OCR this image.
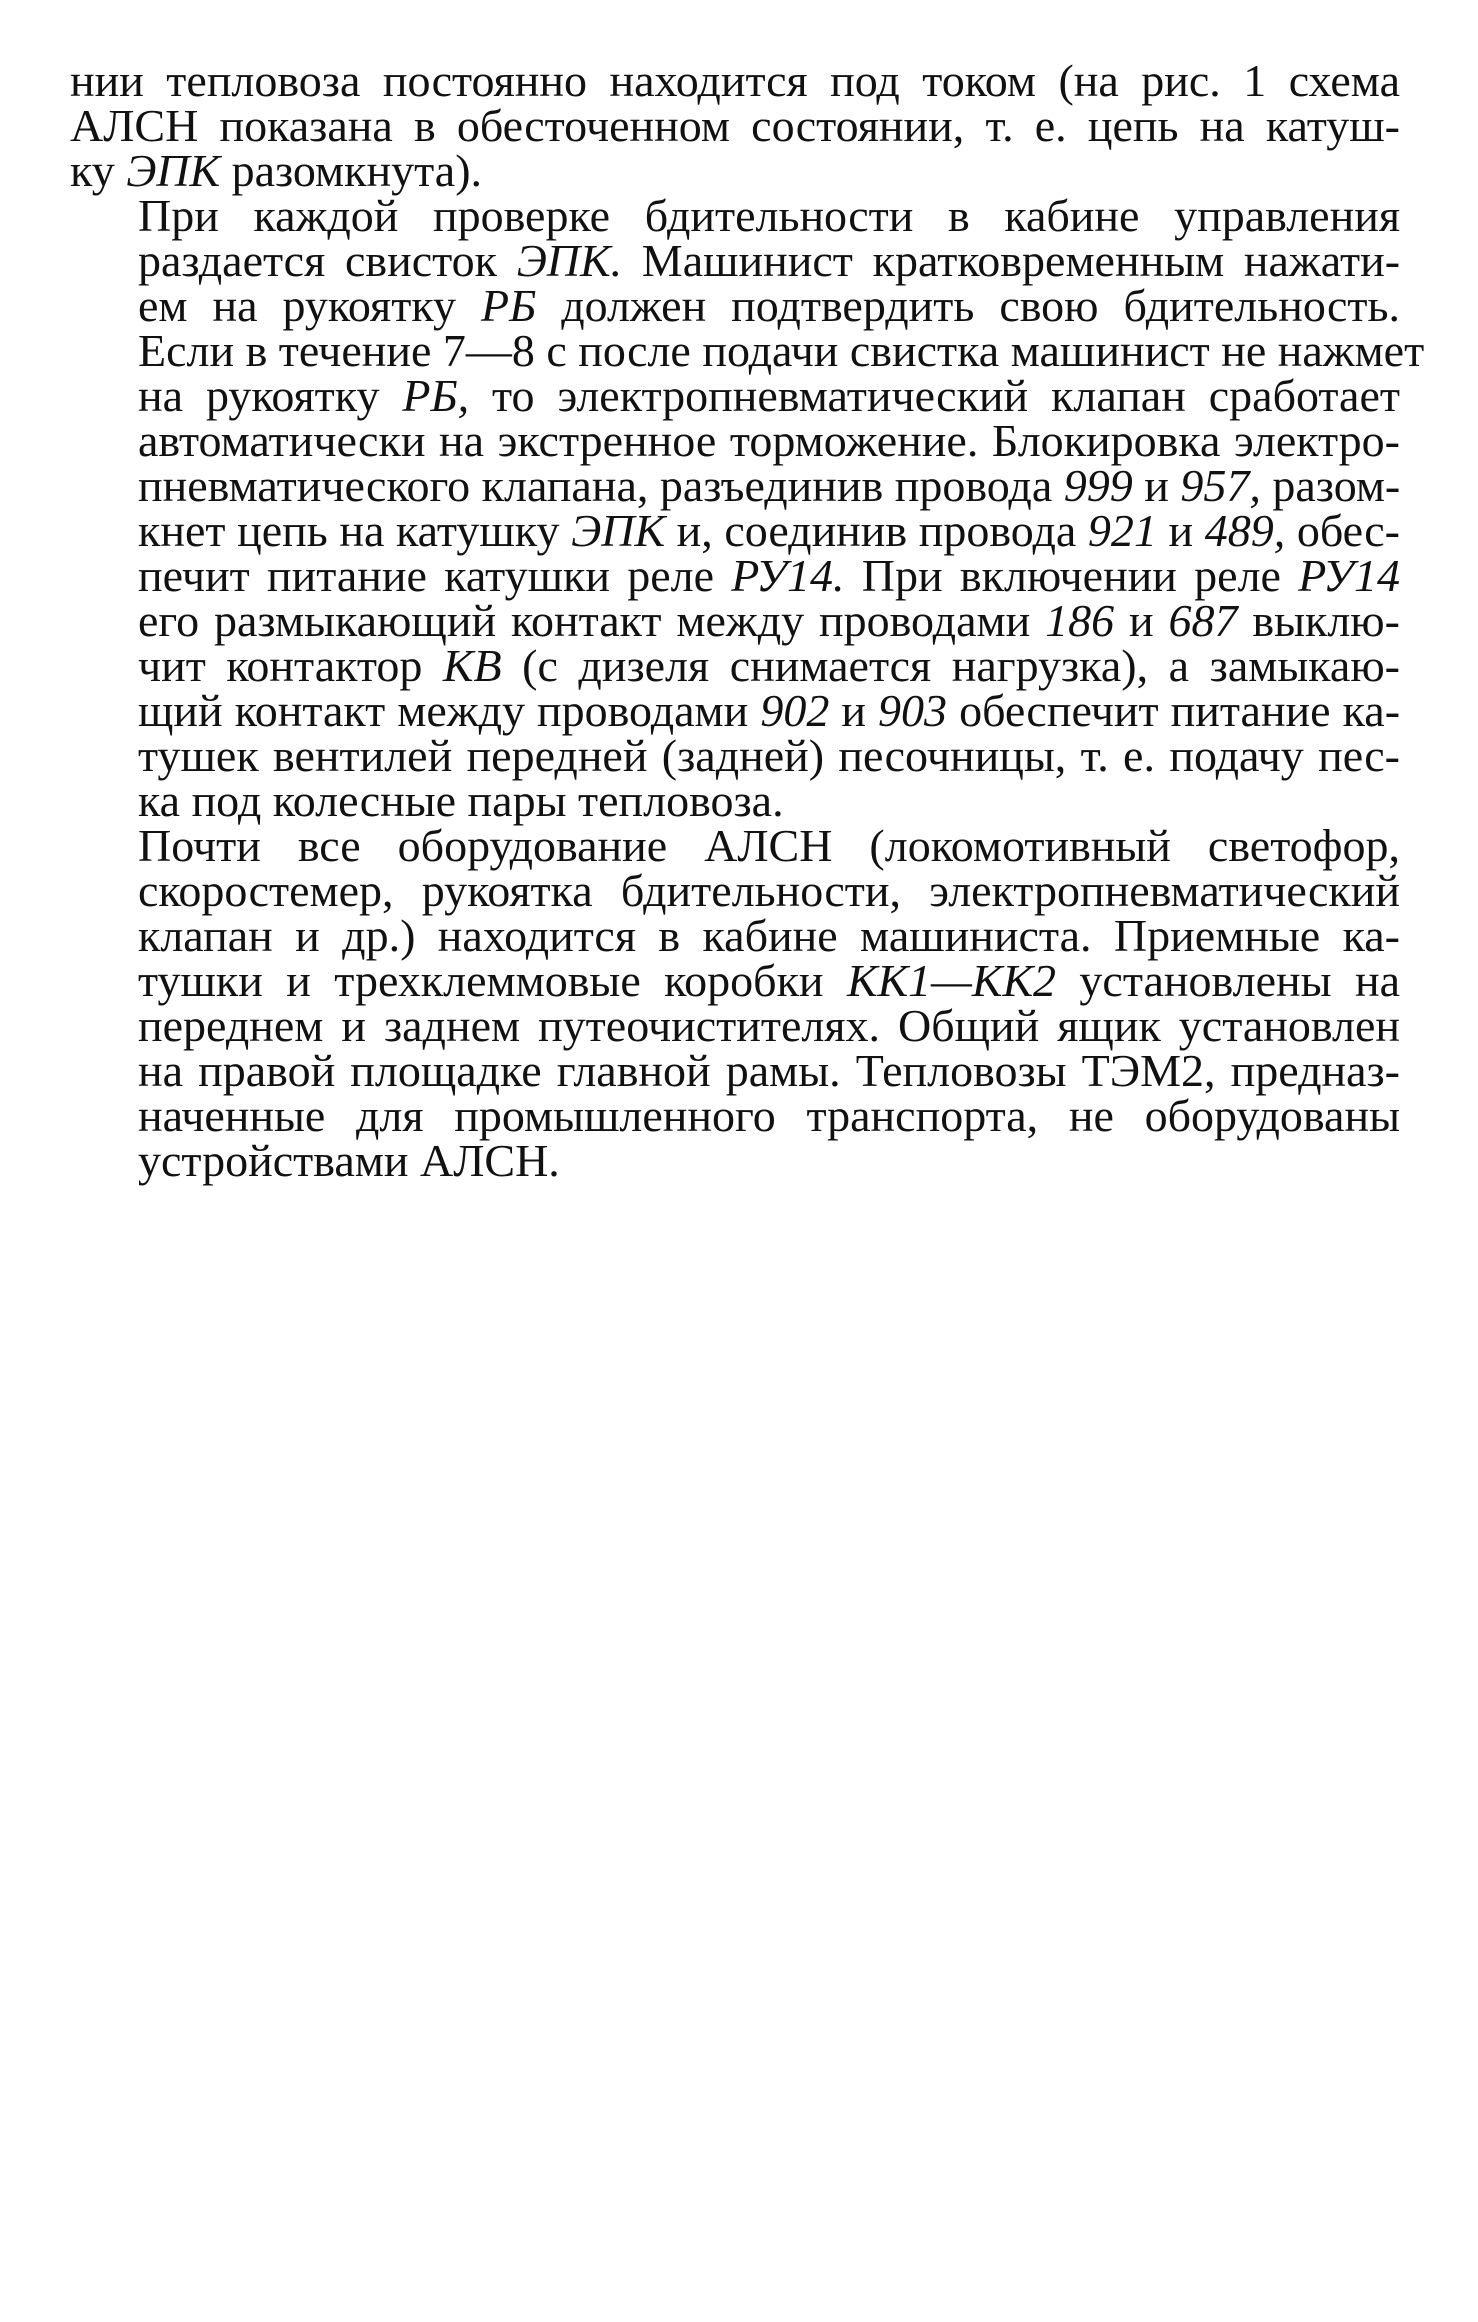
нии тепловоза постоянно находится под током (на рис. 1 схема
АЛСН показана в обесточенном состоянии, т. е. цепь на катуш-
ку ЭПК разомкнута).
При каждой проверке бдительности в кабине управления
раздается свисток ЭПК. Машинист кратковременным нажати-
ем на рукоятку РБ должен подтвердить свою бдительность.
Если в течение 7—8 с после подачи свистка машинист не нажмет
на рукоятку РБ, то электропневматический клапан сработает
автоматически на экстренное торможение. Блокировка электро-
пневматического клапана, разъединив провода 999 и 957, разом-
кнет цепь на катушку ЭПК и, соединив провода 921 и 489, обес-
печит питание катушки реле РУ14. При включении реле РУ14
его размыкающий контакт между проводами 186 и 687 выклю-
чит контактор КВ (с дизеля снимается нагрузка), а замыкаю-
щий контакт между проводами 902 и 903 обеспечит питание ка-
тушек вентилей передней (задней) песочницы, т. е. подачу пес-
ка под колесные пары тепловоза.
Почти все оборудование АЛСН (локомотивный светофор,
скоростемер, рукоятка бдительности, электропневматический
клапан и др.) находится в кабине машиниста. Приемные ка-
тушки и трехклеммовые коробки КК1—КК2 установлены на
переднем и заднем путеочистителях. Общий ящик установлен
на правой площадке главной рамы. Тепловозы ТЭМ2, предназ-
наченные для промышленного транспорта, не оборудованы
устройствами АЛСН.
